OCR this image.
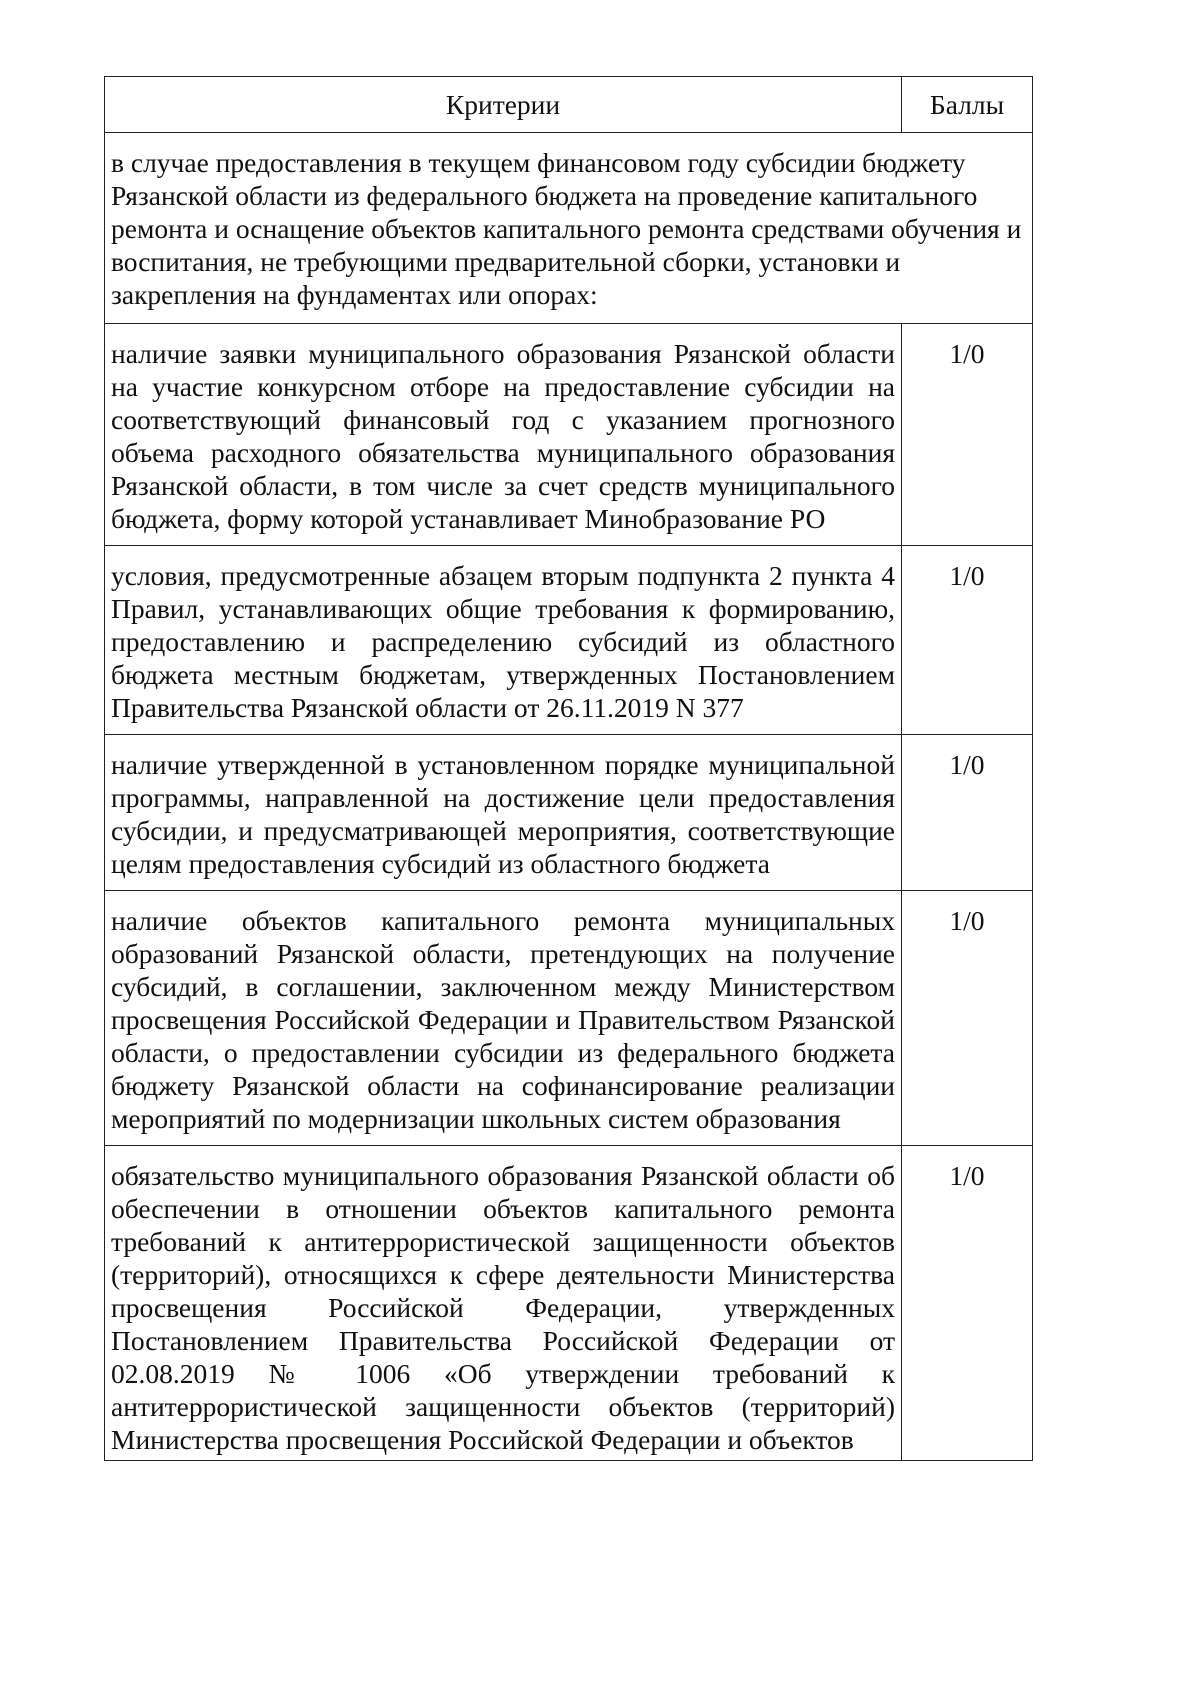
Критерии	Баллы
в случае предоставления в текущем финансовом году субсидии бюджету Рязанской области из федерального бюджета на проведение капитального ремонта и оснащение объектов капитального ремонта средствами обучения и воспитания, не требующими предварительной сборки, установки и закрепления на фундаментах или опорах:	
наличие заявки муниципального образования Рязанской области на участие конкурсном отборе на предоставление субсидии на соответствующий финансовый год с указанием прогнозного объема расходного обязательства муниципального образования Рязанской области, в том числе за счет средств муниципального бюджета, форму которой устанавливает Минобразование РО	1/0
условия, предусмотренные абзацем вторым подпункта 2 пункта 4 Правил, устанавливающих общие требования к формированию, предоставлению и распределению субсидий из областного бюджета местным бюджетам, утвержденных Постановлением Правительства Рязанской области от 26.11.2019 N 377	1/0
наличие утвержденной в установленном порядке муниципальной программы, направленной на достижение цели предоставления субсидии, и предусматривающей мероприятия, соответствующие целям предоставления субсидий из областного бюджета	1/0
наличие объектов капитального ремонта муниципальных образований Рязанской области, претендующих на получение субсидий, в соглашении, заключенном между Министерством просвещения Российской Федерации и Правительством Рязанской области, о предоставлении субсидии из федерального бюджета бюджету Рязанской области на софинансирование реализации мероприятий по модернизации школьных систем образования	1/0
обязательство муниципального образования Рязанской области об обеспечении в отношении объектов капитального ремонта требований к антитеррористической защищенности объектов (территорий), относящихся к сфере деятельности Министерства просвещения Российской Федерации, утвержденных Постановлением Правительства Российской Федерации от 02.08.2019 № 1006 «Об утверждении требований к антитеррористической защищенности объектов (территорий) Министерства просвещения Российской Федерации и объектов	1/0
